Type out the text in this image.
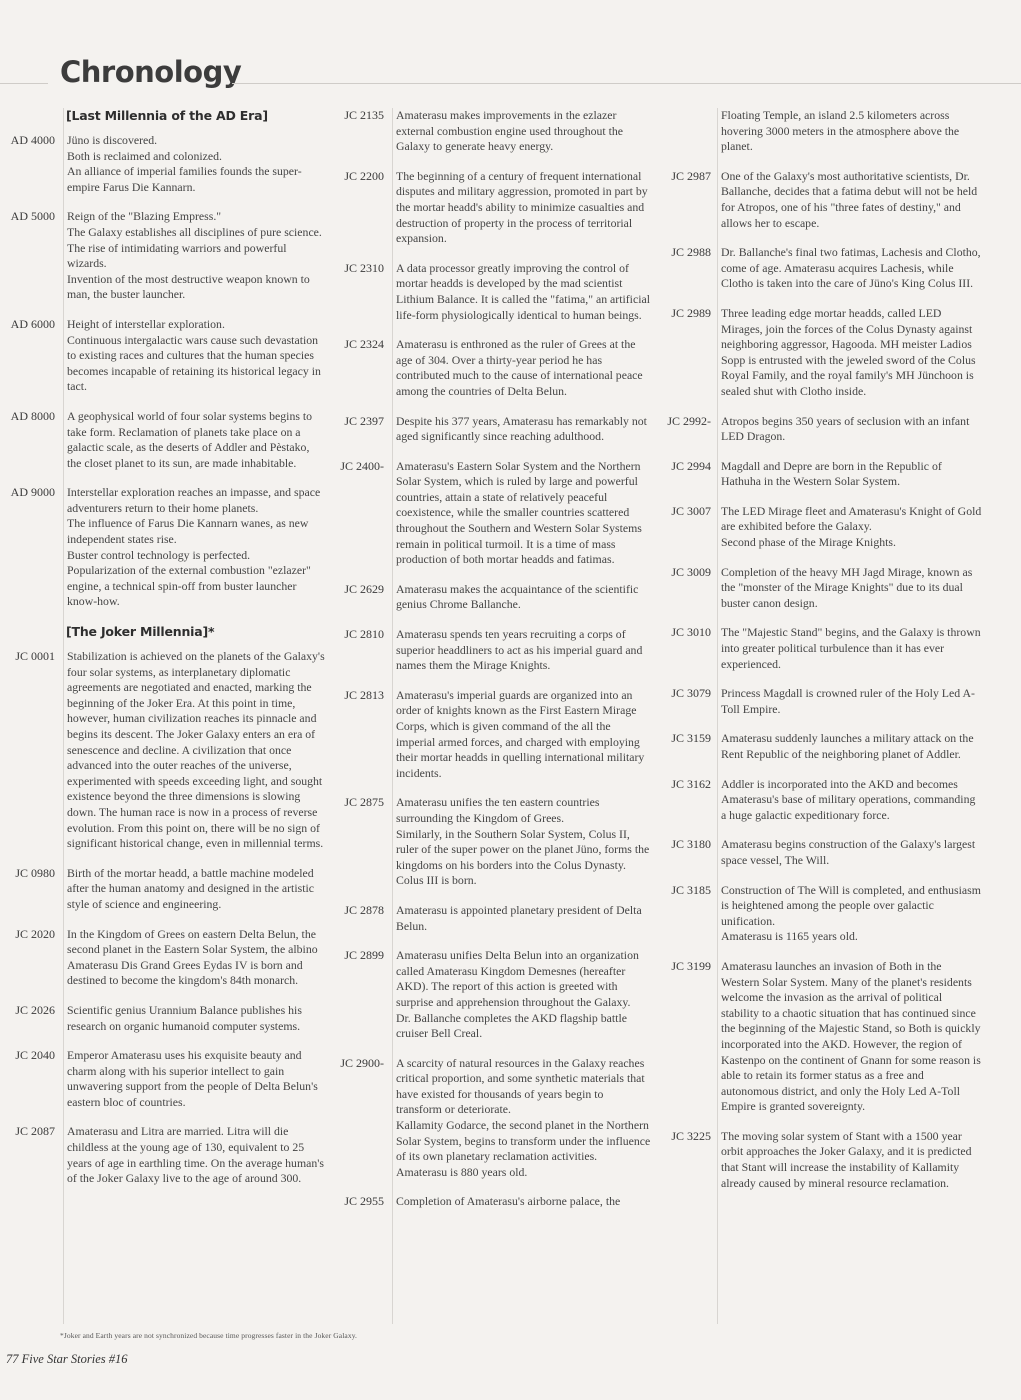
Chronology
[Last Millennia of the AD Era]
AD 4000	Jüno is discovered.

Both is reclaimed and colonized.

An alliance of imperial families founds the super-empire Farus Die Kannarn.

AD 5000	Reign of the "Blazing Empress."

The Galaxy establishes all disciplines of pure science.

The rise of intimidating warriors and powerful wizards.

Invention of the most destructive weapon known to man, the buster launcher.

AD 6000	Height of interstellar exploration.

Continuous intergalactic wars cause such devastation to existing races and cultures that the human species becomes incapable of retaining its historical legacy in tact.

AD 8000	A geophysical world of four solar systems begins to take form. Reclamation of planets take place on a galactic scale, as the deserts of Addler and Pèstako, the closet planet to its sun, are made inhabitable.

AD 9000	Interstellar exploration reaches an impasse, and space adventurers return to their home planets.

The influence of Farus Die Kannarn wanes, as new independent states rise.

Buster control technology is perfected.

Popularization of the external combustion "ezlazer" engine, a technical spin-off from buster launcher know-how.

[The Joker Millennia]*
JC 0001	Stabilization is achieved on the planets of the Galaxy's four solar systems, as interplanetary diplomatic agreements are negotiated and enacted, marking the beginning of the Joker Era. At this point in time, however, human civilization reaches its pinnacle and begins its descent. The Joker Galaxy enters an era of senescence and decline. A civilization that once advanced into the outer reaches of the universe, experimented with speeds exceeding light, and sought existence beyond the three dimensions is slowing down. The human race is now in a process of reverse evolution. From this point on, there will be no sign of significant historical change, even in millennial terms.

JC 0980	Birth of the mortar headd, a battle machine modeled after the human anatomy and designed in the artistic style of science and engineering.

JC 2020	In the Kingdom of Grees on eastern Delta Belun, the second planet in the Eastern Solar System, the albino Amaterasu Dis Grand Grees Eydas IV is born and destined to become the kingdom's 84th monarch.

JC 2026	Scientific genius Urannium Balance publishes his research on organic humanoid computer systems.

JC 2040	Emperor Amaterasu uses his exquisite beauty and charm along with his superior intellect to gain unwavering support from the people of Delta Belun's eastern bloc of countries.

JC 2087	Amaterasu and Litra are married. Litra will die childless at the young age of 130, equivalent to 25 years of age in earthling time. On the average human's of the Joker Galaxy live to the age of around 300.

JC 2135	Amaterasu makes improvements in the ezlazer external combustion engine used throughout the Galaxy to generate heavy energy.

JC 2200	The beginning of a century of frequent international disputes and military aggression, promoted in part by the mortar headd's ability to minimize casualties and destruction of property in the process of territorial expansion.

JC 2310	A data processor greatly improving the control of mortar headds is developed by the mad scientist Lithium Balance. It is called the "fatima," an artificial life-form physiologically identical to human beings.

JC 2324	Amaterasu is enthroned as the ruler of Grees at the age of 304. Over a thirty-year period he has contributed much to the cause of international peace among the countries of Delta Belun.

JC 2397	Despite his 377 years, Amaterasu has remarkably not aged significantly since reaching adulthood.

JC 2400-	Amaterasu's Eastern Solar System and the Northern Solar System, which is ruled by large and powerful countries, attain a state of relatively peaceful coexistence, while the smaller countries scattered throughout the Southern and Western Solar Systems remain in political turmoil. It is a time of mass production of both mortar headds and fatimas.

JC 2629	Amaterasu makes the acquaintance of the scientific genius Chrome Ballanche.

JC 2810	Amaterasu spends ten years recruiting a corps of superior headdliners to act as his imperial guard and names them the Mirage Knights.

JC 2813	Amaterasu's imperial guards are organized into an order of knights known as the First Eastern Mirage Corps, which is given command of the all the imperial armed forces, and charged with employing their mortar headds in quelling international military incidents.

JC 2875	Amaterasu unifies the ten eastern countries surrounding the Kingdom of Grees.

Similarly, in the Southern Solar System, Colus II, ruler of the super power on the planet Jüno, forms the kingdoms on his borders into the Colus Dynasty.

Colus III is born.

JC 2878	Amaterasu is appointed planetary president of Delta Belun.

JC 2899	Amaterasu unifies Delta Belun into an organization called Amaterasu Kingdom Demesnes (hereafter AKD). The report of this action is greeted with surprise and apprehension throughout the Galaxy.

Dr. Ballanche completes the AKD flagship battle cruiser Bell Creal.

JC 2900-	A scarcity of natural resources in the Galaxy reaches critical proportion, and some synthetic materials that have existed for thousands of years begin to transform or deteriorate.

Kallamity Godarce, the second planet in the Northern Solar System, begins to transform under the influence of its own planetary reclamation activities.

Amaterasu is 880 years old.

JC 2955	Completion of Amaterasu's airborne palace, the

Floating Temple, an island 2.5 kilometers across hovering 3000 meters in the atmosphere above the planet.

JC 2987 One of the Galaxy's most authoritative scientists, Dr. Ballanche, decides that a fatima debut will not be held for Atropos, one of his "three fates of destiny," and allows her to escape.

JC 2988 Dr. Ballanche's final two fatimas, Lachesis and Clotho, come of age. Amaterasu acquires Lachesis, while Clotho is taken into the care of Jüno's King Colus III.

JC 2989 Three leading edge mortar headds, called LED Mirages, join the forces of the Colus Dynasty against neighboring aggressor, Hagooda. MH meister Ladios Sopp is entrusted with the jeweled sword of the Colus Royal Family, and the royal family's MH Jünchoon is sealed shut with Clotho inside.

JC 2992- Atropos begins 350 years of seclusion with an infant LED Dragon.

JC 2994 Magdall and Depre are born in the Republic of Hathuha in the Western Solar System.

JC 3007 The LED Mirage fleet and Amaterasu's Knight of Gold are exhibited before the Galaxy.

Second phase of the Mirage Knights.

JC 3009 Completion of the heavy MH Jagd Mirage, known as the "monster of the Mirage Knights" due to its dual buster canon design.

JC 3010 The "Majestic Stand" begins, and the Galaxy is thrown into greater political turbulence than it has ever experienced.

JC 3079 Princess Magdall is crowned ruler of the Holy Led A-Toll Empire.

JC 3159 Amaterasu suddenly launches a military attack on the Rent Republic of the neighboring planet of Addler.

JC 3162 Addler is incorporated into the AKD and becomes Amaterasu's base of military operations, commanding a huge galactic expeditionary force.

JC 3180 Amaterasu begins construction of the Galaxy's largest space vessel, The Will.

JC 3185 Construction of The Will is completed, and enthusiasm is heightened among the people over galactic unification.

Amaterasu is 1165 years old.

JC 3199 Amaterasu launches an invasion of Both in the Western Solar System. Many of the planet's residents welcome the invasion as the arrival of political stability to a chaotic situation that has continued since the beginning of the Majestic Stand, so Both is quickly incorporated into the AKD. However, the region of Kastenpo on the continent of Gnann for some reason is able to retain its former status as a free and autonomous district, and only the Holy Led A-Toll Empire is granted sovereignty.

JC 3225 The moving solar system of Stant with a 1500 year orbit approaches the Joker Galaxy, and it is predicted that Stant will increase the instability of Kallamity already caused by mineral resource reclamation.

*Joker and Earth years are not synchronized because time progresses faster in the Joker Galaxy.
77 Five Star Stories #16
